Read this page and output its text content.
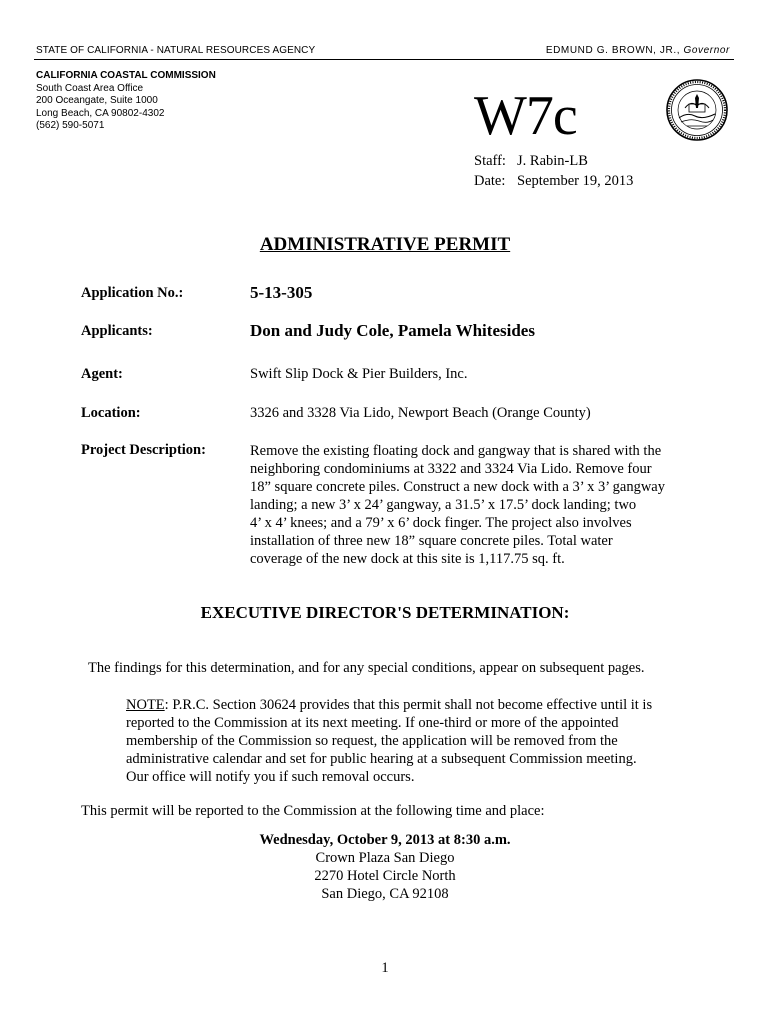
STATE OF CALIFORNIA - NATURAL RESOURCES AGENCY	EDMUND G. BROWN, JR., Governor
CALIFORNIA COASTAL COMMISSION
South Coast Area Office
200 Oceangate, Suite 1000
Long Beach, CA 90802-4302
(562) 590-5071	W7c
Staff: J. Rabin-LB
Date: September 19, 2013
ADMINISTRATIVE PERMIT
Application No.:	5-13-305
Applicants:	Don and Judy Cole, Pamela Whitesides
Agent:	Swift Slip Dock & Pier Builders, Inc.
Location:	3326 and 3328 Via Lido, Newport Beach (Orange County)
Project Description:	Remove the existing floating dock and gangway that is shared with the
neighboring condominiums at 3322 and 3324 Via Lido. Remove four
18” square concrete piles. Construct a new dock with a 3’ x 3’ gangway
landing; a new 3’ x 24’ gangway, a 31.5’ x 17.5’ dock landing; two
4’ x 4’ knees; and a 79’ x 6’ dock finger. The project also involves
installation of three new 18” square concrete piles. Total water
coverage of the new dock at this site is 1,117.75 sq. ft.
EXECUTIVE DIRECTOR'S DETERMINATION:
The findings for this determination, and for any special conditions, appear on subsequent pages.
NOTE: P.R.C. Section 30624 provides that this permit shall not become effective until it is
reported to the Commission at its next meeting. If one-third or more of the appointed
membership of the Commission so request, the application will be removed from the
administrative calendar and set for public hearing at a subsequent Commission meeting.
Our office will notify you if such removal occurs.
This permit will be reported to the Commission at the following time and place:
Wednesday, October 9, 2013 at 8:30 a.m.
Crown Plaza San Diego
2270 Hotel Circle North
San Diego, CA 92108
1
